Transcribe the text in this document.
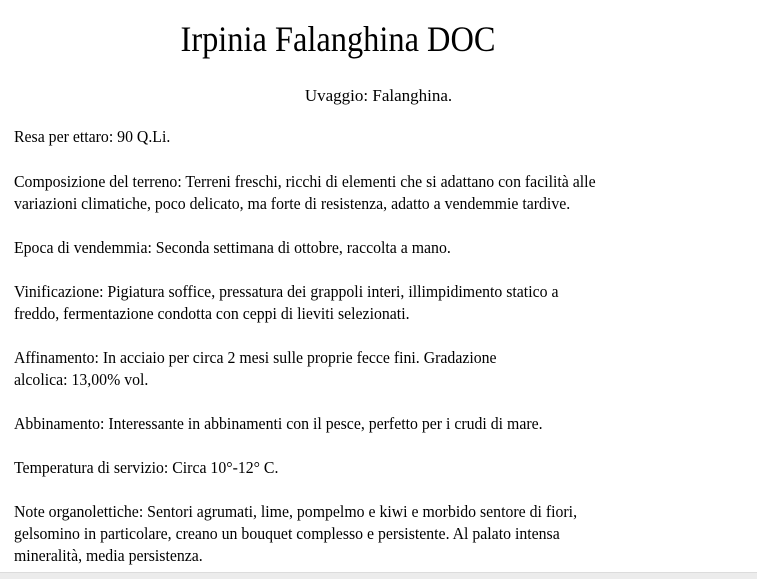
Irpinia Falanghina DOC
Uvaggio: Falanghina.

Resa per ettaro: 90 Q.Li.

Composizione del terreno: Terreni freschi, ricchi di elementi che si adattano con facilità alle
variazioni climatiche, poco delicato, ma forte di resistenza, adatto a vendemmie tardive.

Epoca di vendemmia: Seconda settimana di ottobre, raccolta a mano.

Vinificazione: Pigiatura soffice, pressatura dei grappoli interi, illimpidimento statico a
freddo, fermentazione condotta con ceppi di lieviti selezionati.

Affinamento: In acciaio per circa 2 mesi sulle proprie fecce fini. Gradazione
alcolica: 13,00% vol.

Abbinamento: Interessante in abbinamenti con il pesce, perfetto per i crudi di mare.

Temperatura di servizio: Circa 10°-12° C.

Note organolettiche: Sentori agrumati, lime, pompelmo e kiwi e morbido sentore di fiori,
gelsomino in particolare, creano un bouquet complesso e persistente. Al palato intensa
mineralità, media persistenza.
